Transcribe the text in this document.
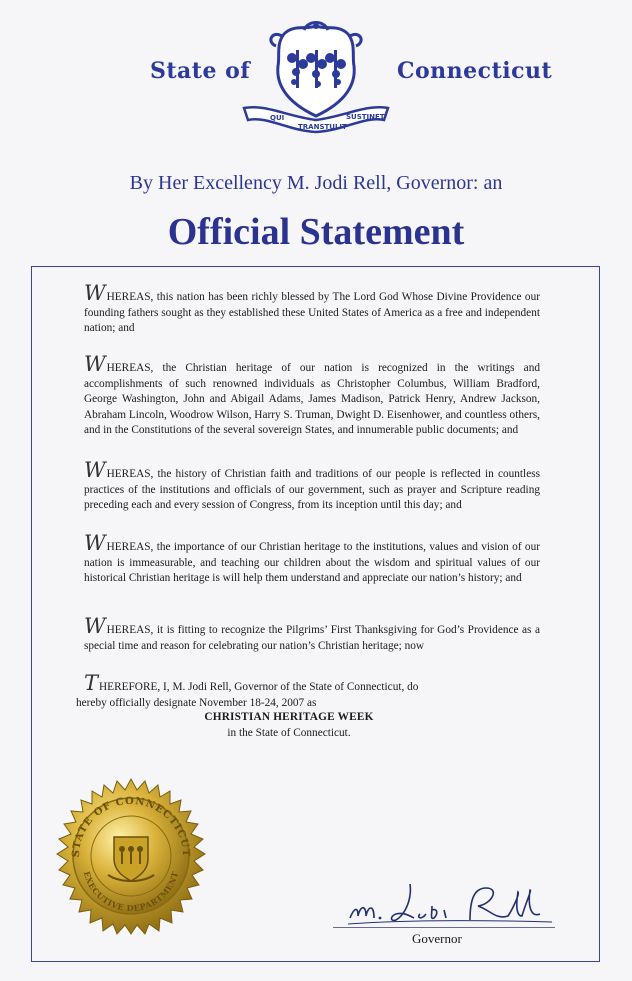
State of
QUI
TRANSTULIT
SUSTINET
Connecticut
By Her Excellency M. Jodi Rell, Governor: an
Official Statement
WHEREAS, this nation has been richly blessed by The Lord God Whose Divine Providence our founding fathers sought as they established these United States of America as a free and independent nation; and
WHEREAS, the Christian heritage of our nation is recognized in the writings and accomplishments of such renowned individuals as Christopher Columbus, William Bradford, George Washington, John and Abigail Adams, James Madison, Patrick Henry, Andrew Jackson, Abraham Lincoln, Woodrow Wilson, Harry S. Truman, Dwight D. Eisenhower, and countless others, and in the Constitutions of the several sovereign States, and innumerable public documents; and
WHEREAS, the history of Christian faith and traditions of our people is reflected in countless practices of the institutions and officials of our government, such as prayer and Scripture reading preceding each and every session of Congress, from its inception until this day; and
WHEREAS, the importance of our Christian heritage to the institutions, values and vision of our nation is immeasurable, and teaching our children about the wisdom and spiritual values of our historical Christian heritage is will help them understand and appreciate our nation’s history; and
WHEREAS, it is fitting to recognize the Pilgrims’ First Thanksgiving for God’s Providence as a special time and reason for celebrating our nation’s Christian heritage; now
THEREFORE, I, M. Jodi Rell, Governor of the State of Connecticut, do
hereby officially designate November 18-24, 2007 as
CHRISTIAN HERITAGE WEEK
in the State of Connecticut.
STATE OF CONNECTICUT
EXECUTIVE DEPARTMENT
Governor
